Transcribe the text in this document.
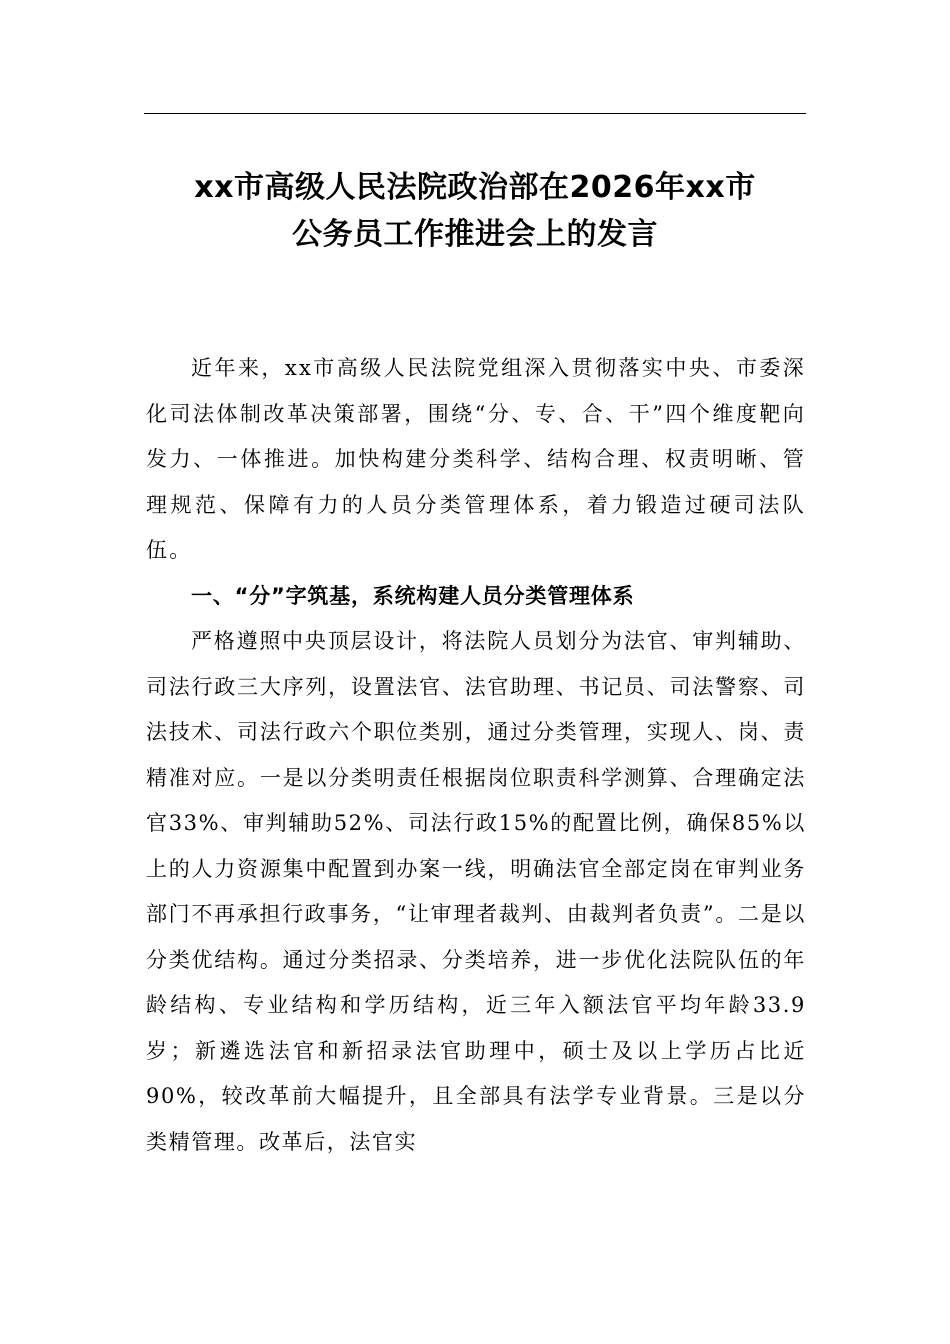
xx市高级人民法院政治部在2026年xx市
公务员工作推进会上的发言

近年来，xx市高级人民法院党组深入贯彻落实中央、市委深化司法体制改革决策部署，围绕“分、专、合、干”四个维度靶向发力、一体推进。加快构建分类科学、结构合理、权责明晰、管理规范、保障有力的人员分类管理体系，着力锻造过硬司法队伍。

一、“分”字筑基，系统构建人员分类管理体系

严格遵照中央顶层设计，将法院人员划分为法官、审判辅助、司法行政三大序列，设置法官、法官助理、书记员、司法警察、司法技术、司法行政六个职位类别，通过分类管理，实现人、岗、责精准对应。一是以分类明责任根据岗位职责科学测算、合理确定法官33%、审判辅助52%、司法行政15%的配置比例，确保85%以上的人力资源集中配置到办案一线，明确法官全部定岗在审判业务部门不再承担行政事务，“让审理者裁判、由裁判者负责”。二是以分类优结构。通过分类招录、分类培养，进一步优化法院队伍的年龄结构、专业结构和学历结构，近三年入额法官平均年龄33.9岁；新遴选法官和新招录法官助理中，硕士及以上学历占比近90%，较改革前大幅提升，且全部具有法学专业背景。三是以分类精管理。改革后，法官实
